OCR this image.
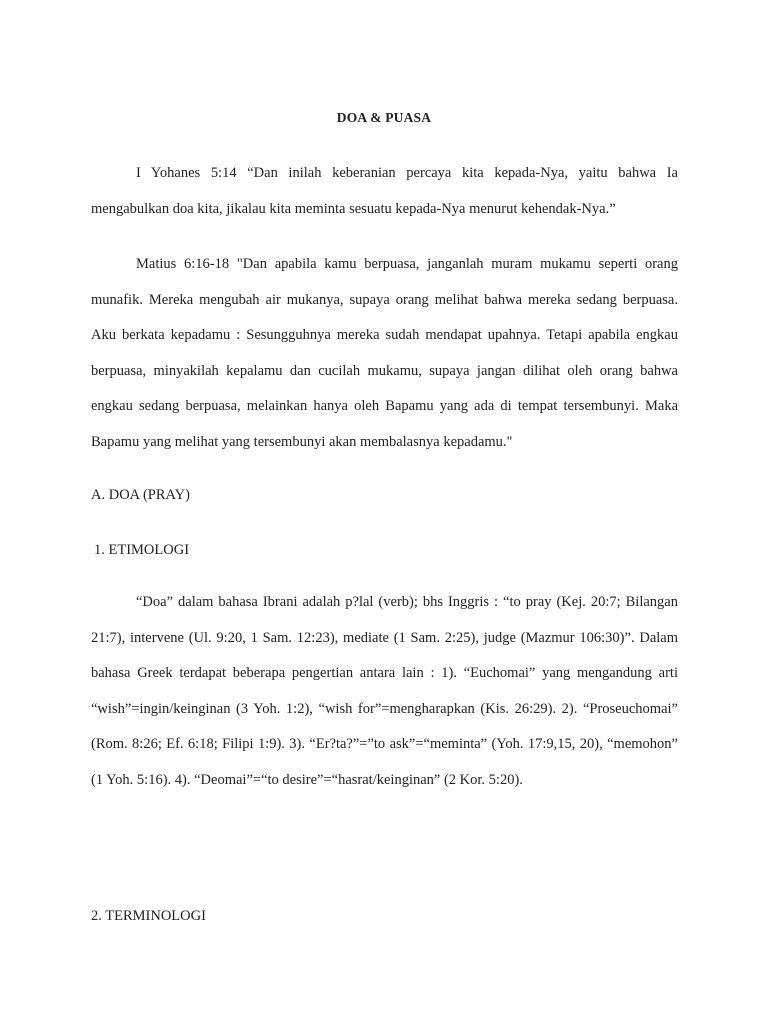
DOA & PUASA

I Yohanes 5:14 “Dan inilah keberanian percaya kita kepada-Nya, yaitu bahwa Ia mengabulkan doa kita, jikalau kita meminta sesuatu kepada-Nya menurut kehendak-Nya.”

Matius 6:16-18 "Dan apabila kamu berpuasa, janganlah muram mukamu seperti orang munafik. Mereka mengubah air mukanya, supaya orang melihat bahwa mereka sedang berpuasa. Aku berkata kepadamu : Sesungguhnya mereka sudah mendapat upahnya. Tetapi apabila engkau berpuasa, minyakilah kepalamu dan cucilah mukamu, supaya jangan dilihat oleh orang bahwa engkau sedang berpuasa, melainkan hanya oleh Bapamu yang ada di tempat tersembunyi. Maka Bapamu yang melihat yang tersembunyi akan membalasnya kepadamu."

A. DOA (PRAY)

1. ETIMOLOGI

“Doa” dalam bahasa Ibrani adalah p?lal (verb); bhs Inggris : “to pray (Kej. 20:7; Bilangan 21:7), intervene (Ul. 9:20, 1 Sam. 12:23), mediate (1 Sam. 2:25), judge (Mazmur 106:30)”. Dalam bahasa Greek terdapat beberapa pengertian antara lain : 1). “Euchomai” yang mengandung arti “wish”=ingin/keinginan (3 Yoh. 1:2), “wish for”=mengharapkan (Kis. 26:29). 2). “Proseuchomai” (Rom. 8:26; Ef. 6:18; Filipi 1:9). 3). “Er?ta?”=”to ask”=“meminta” (Yoh. 17:9,15, 20), “memohon” (1 Yoh. 5:16). 4). “Deomai”=“to desire”=“hasrat/keinginan” (2 Kor. 5:20).

2. TERMINOLOGI
